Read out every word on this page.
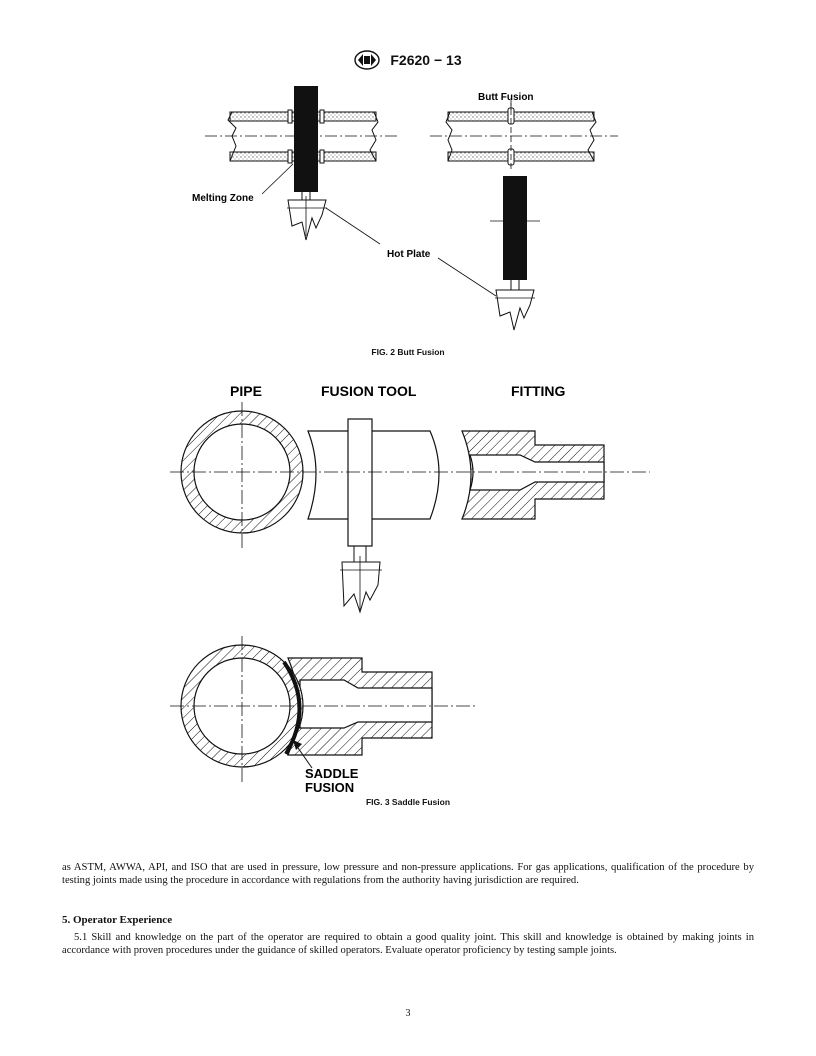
F2620 − 13
Butt Fusion
Melting Zone
Hot Plate
FIG. 2 Butt Fusion
PIPE	FUSION TOOL	FITTING
SADDLE
FUSION
FIG. 3 Saddle Fusion
as ASTM, AWWA, API, and ISO that are used in pressure, low pressure and non-pressure applications. For gas applications, qualification of the procedure by testing joints made using the procedure in accordance with regulations from the authority having jurisdiction are required.
5. Operator Experience
5.1 Skill and knowledge on the part of the operator are required to obtain a good quality joint. This skill and knowledge is obtained by making joints in accordance with proven procedures under the guidance of skilled operators. Evaluate operator proficiency by testing sample joints.
3
